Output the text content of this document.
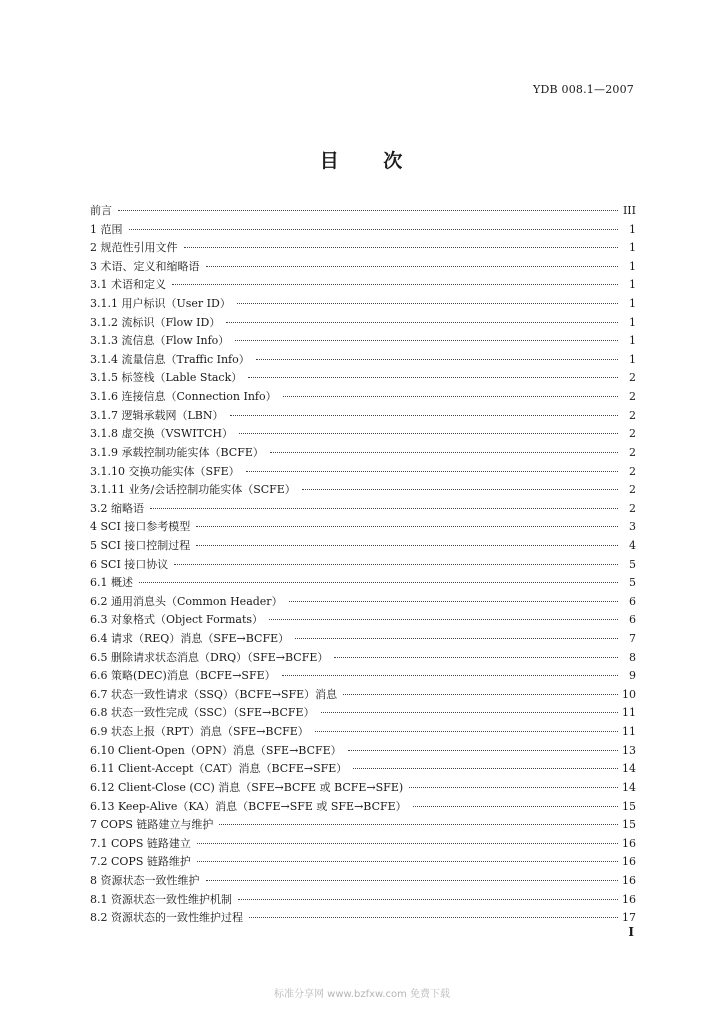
YDB 008.1—2007
目 次
前言	III
1 范围	1
2 规范性引用文件	1
3 术语、定义和缩略语	1
3.1 术语和定义	1
3.1.1 用户标识（User ID）	1
3.1.2 流标识（Flow ID）	1
3.1.3 流信息（Flow Info）	1
3.1.4 流量信息（Traffic Info）	1
3.1.5 标签栈（Lable Stack）	2
3.1.6 连接信息（Connection Info）	2
3.1.7 逻辑承载网（LBN）	2
3.1.8 虚交换（VSWITCH）	2
3.1.9 承载控制功能实体（BCFE）	2
3.1.10 交换功能实体（SFE）	2
3.1.11 业务/会话控制功能实体（SCFE）	2
3.2 缩略语	2
4 SCI 接口参考模型	3
5 SCI 接口控制过程	4
6 SCI 接口协议	5
6.1 概述	5
6.2 通用消息头（Common Header）	6
6.3 对象格式（Object Formats）	6
6.4 请求（REQ）消息（SFE→BCFE）	7
6.5 删除请求状态消息（DRQ）（SFE→BCFE）	8
6.6 策略(DEC)消息（BCFE→SFE）	9
6.7 状态一致性请求（SSQ）（BCFE→SFE）消息	10
6.8 状态一致性完成（SSC）（SFE→BCFE）	11
6.9 状态上报（RPT）消息（SFE→BCFE）	11
6.10 Client-Open（OPN）消息（SFE→BCFE）	13
6.11 Client-Accept（CAT）消息（BCFE→SFE）	14
6.12 Client-Close (CC) 消息（SFE→BCFE 或 BCFE→SFE)	14
6.13 Keep-Alive（KA）消息（BCFE→SFE 或 SFE→BCFE）	15
7 COPS 链路建立与维护	15
7.1 COPS 链路建立	16
7.2 COPS 链路维护	16
8 资源状态一致性维护	16
8.1 资源状态一致性维护机制	16
8.2 资源状态的一致性维护过程	17
I
标准分享网 www.bzfxw.com 免费下载
